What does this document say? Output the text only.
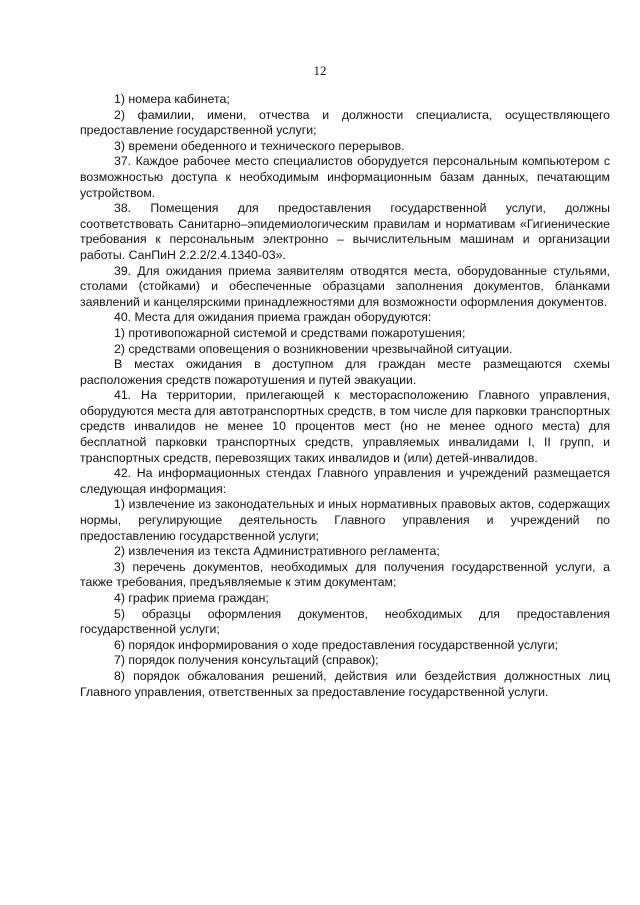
12

1) номера кабинета;

2) фамилии, имени, отчества и должности специалиста, осуществляющего предоставление государственной услуги;

3) времени обеденного и технического перерывов.

37. Каждое рабочее место специалистов оборудуется персональным компьютером с возможностью доступа к необходимым информационным базам данных, печатающим устройством.

38. Помещения для предоставления государственной услуги, должны соответствовать Санитарно–эпидемиологическим правилам и нормативам «Гигиенические требования к персональным электронно – вычислительным машинам и организации работы. СанПиН 2.2.2/2.4.1340-03».

39. Для ожидания приема заявителям отводятся места, оборудованные стульями, столами (стойками) и обеспеченные образцами заполнения документов, бланками заявлений и канцелярскими принадлежностями для возможности оформления документов.

40. Места для ожидания приема граждан оборудуются:

1) противопожарной системой и средствами пожаротушения;

2) средствами оповещения о возникновении чрезвычайной ситуации.

В местах ожидания в доступном для граждан месте размещаются схемы расположения средств пожаротушения и путей эвакуации.

41. На территории, прилегающей к месторасположению Главного управления, оборудуются места для автотранспортных средств, в том числе для парковки транспортных средств инвалидов не менее 10 процентов мест (но не менее одного места) для бесплатной парковки транспортных средств, управляемых инвалидами I, II групп, и транспортных средств, перевозящих таких инвалидов и (или) детей-инвалидов.

42. На информационных стендах Главного управления и учреждений размещается следующая информация:

1) извлечение из законодательных и иных нормативных правовых актов, содержащих нормы, регулирующие деятельность Главного управления и учреждений по предоставлению государственной услуги;

2) извлечения из текста Административного регламента;

3) перечень документов, необходимых для получения государственной услуги, а также требования, предъявляемые к этим документам;

4) график приема граждан;

5) образцы оформления документов, необходимых для предоставления государственной услуги;

6) порядок информирования о ходе предоставления государственной услуги;

7) порядок получения консультаций (справок);

8) порядок обжалования решений, действия или бездействия должностных лиц Главного управления, ответственных за предоставление государственной услуги.
